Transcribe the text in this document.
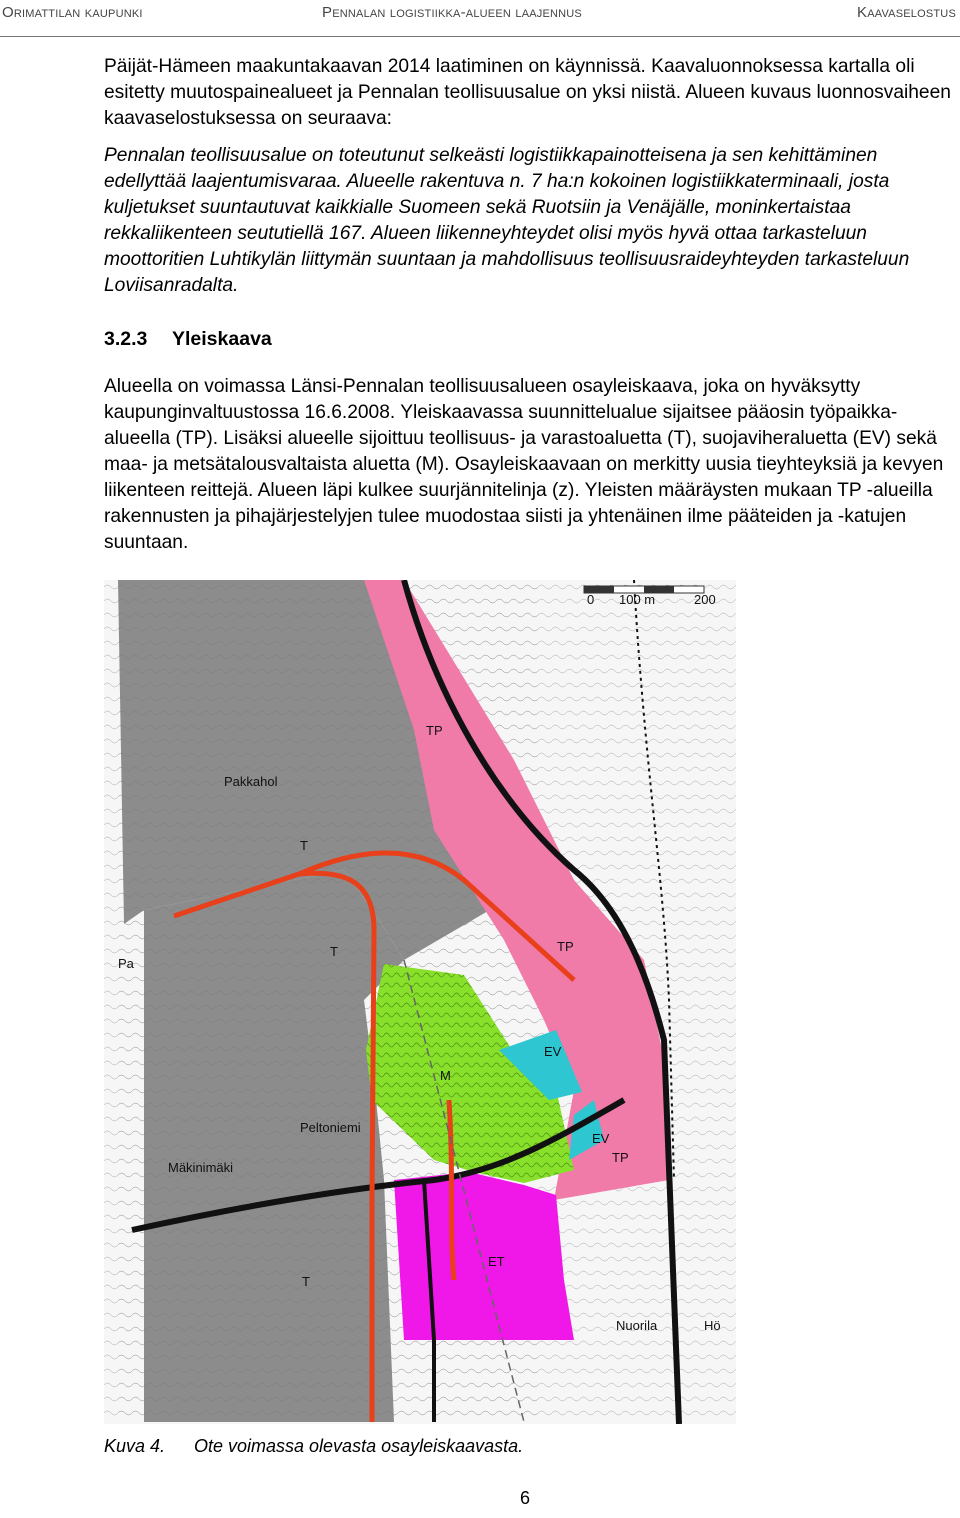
Orimattilan kaupunki	Pennalan logistiikka-alueen laajennus	Kaavaselostus
Päijät-Hämeen maakuntakaavan 2014 laatiminen on käynnissä. Kaavaluonnoksessa kartalla oli esitetty muutospainealueet ja Pennalan teollisuusalue on yksi niistä. Alueen kuvaus luonnosvaiheen kaavaselostuksessa on seuraava:
Pennalan teollisuusalue on toteutunut selkeästi logistiikkapainotteisena ja sen kehittäminen edellyttää laajentumisvaraa. Alueelle rakentuva n. 7 ha:n kokoinen logistiikkaterminaali, josta kuljetukset suuntautuvat kaikkialle Suomeen sekä Ruotsiin ja Venäjälle, moninkertaistaa rekkaliikenteen seututiellä 167. Alueen liikenneyhteydet olisi myös hyvä ottaa tarkasteluun moottoritien Luhtikylän liittymän suuntaan ja mahdollisuus teollisuusraideyhteyden tarkasteluun Loviisanradalta.
3.2.3 Yleiskaava
Alueella on voimassa Länsi-Pennalan teollisuusalueen osayleiskaava, joka on hyväksytty kaupunginvaltuustossa 16.6.2008. Yleiskaavassa suunnittelualue sijaitsee pääosin työpaikka-alueella (TP). Lisäksi alueelle sijoittuu teollisuus- ja varastoaluetta (T), suojaviheraluetta (EV) sekä maa- ja metsätalousvaltaista aluetta (M). Osayleiskaavaan on merkitty uusia tieyhteyksiä ja kevyen liikenteen reittejä. Alueen läpi kulkee suurjännitelinja (z). Yleisten määräysten mukaan TP -alueilla rakennusten ja pihajärjestelyjen tulee muodostaa siisti ja yhtenäinen ilme pääteiden ja -katujen suuntaan.
0 100 m	200
TP
TP
TP
T
T
T
EV
EV
M
ET
Pakkahol
Peltoniemi
Mäkinimäki
Nuorila	Hö
Pa
Kuva 4. Ote voimassa olevasta osayleiskaavasta.
6
